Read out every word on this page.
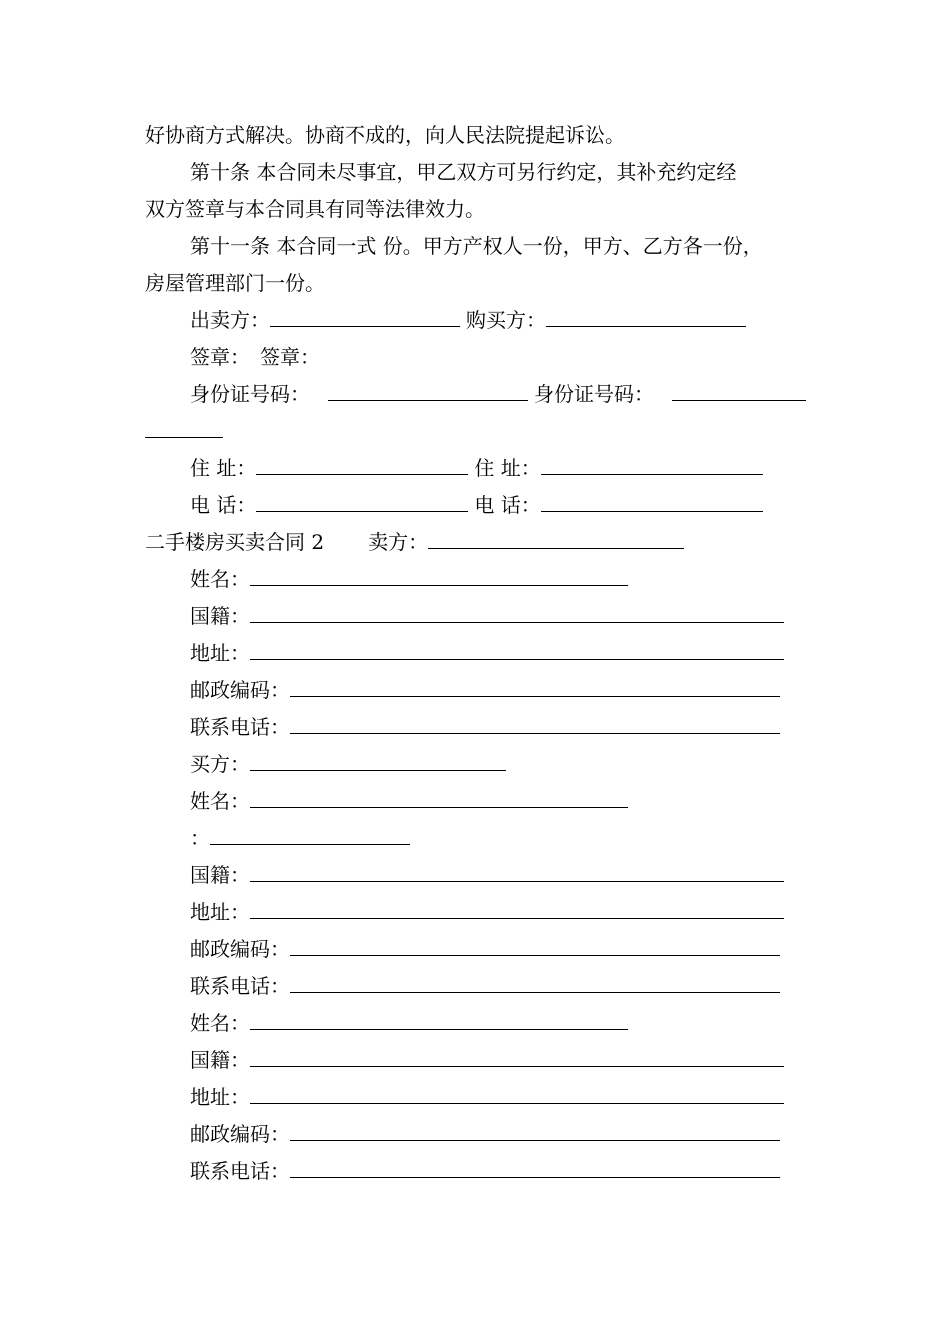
好协商方式解决。协商不成的，向人民法院提起诉讼。
第十条 本合同未尽事宜，甲乙双方可另行约定，其补充约定经
双方签章与本合同具有同等法律效力。
第十一条 本合同一式 份。甲方产权人一份，甲方、乙方各一份，
房屋管理部门一份。
出卖方：	购买方：
签章： 签章：
身份证号码：	身份证号码：
住 址：	住 址：
电 话：	电 话：
二手楼房买卖合同 2 卖方：
姓名：
国籍：
地址：
邮政编码：
联系电话：
买方：
姓名：
：
国籍：
地址：
邮政编码：
联系电话：
姓名：
国籍：
地址：
邮政编码：
联系电话：
